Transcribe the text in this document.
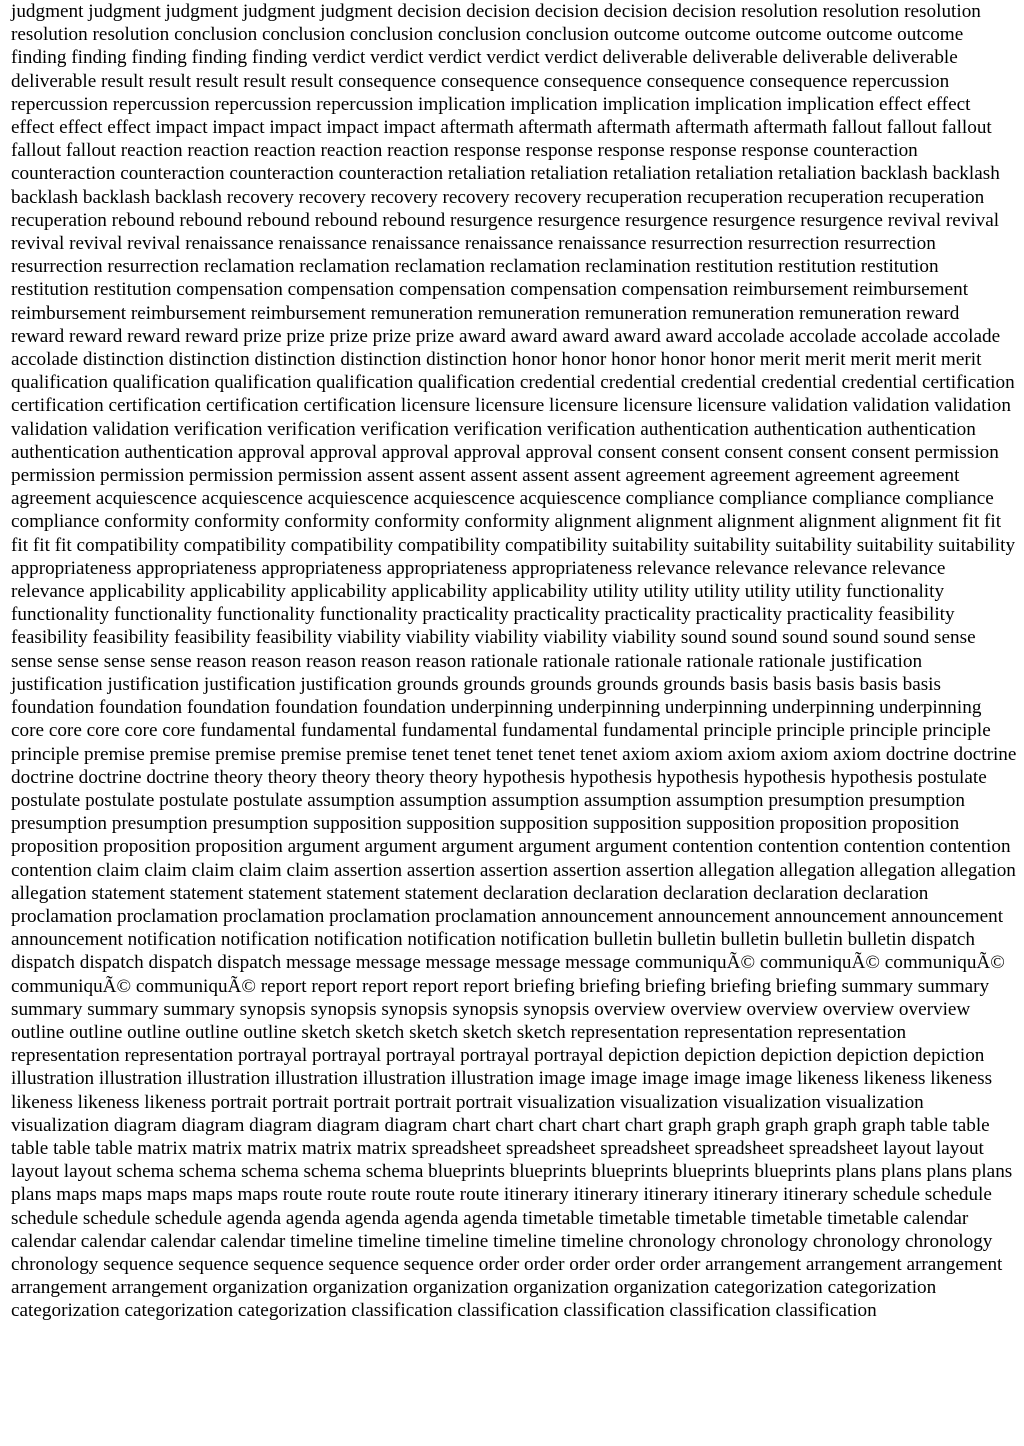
judgment judgment judgment judgment judgment decision decision decision decision decision resolution resolution resolution resolution resolution conclusion conclusion conclusion conclusion conclusion outcome outcome outcome outcome outcome finding finding finding finding finding verdict verdict verdict verdict verdict deliverable deliverable deliverable deliverable deliverable result result result result result consequence consequence consequence consequence consequence repercussion repercussion repercussion repercussion repercussion implication implication implication implication implication effect effect effect effect effect impact impact impact impact impact aftermath aftermath aftermath aftermath aftermath fallout fallout fallout fallout fallout reaction reaction reaction reaction reaction response response response response response counteraction counteraction counteraction counteraction counteraction retaliation retaliation retaliation retaliation retaliation backlash backlash backlash backlash backlash recovery recovery recovery recovery recovery recuperation recuperation recuperation recuperation recuperation rebound rebound rebound rebound rebound resurgence resurgence resurgence resurgence resurgence revival revival revival revival revival renaissance renaissance renaissance renaissance renaissance resurrection resurrection resurrection resurrection resurrection reclamation reclamation reclamation reclamation reclamination restitution restitution restitution restitution restitution compensation compensation compensation compensation compensation reimbursement reimbursement reimbursement reimbursement reimbursement remuneration remuneration remuneration remuneration remuneration reward reward reward reward reward prize prize prize prize prize award award award award award accolade accolade accolade accolade accolade distinction distinction distinction distinction distinction honor honor honor honor honor merit merit merit merit merit qualification qualification qualification qualification qualification credential credential credential credential credential certification certification certification certification certification licensure licensure licensure licensure licensure validation validation validation validation validation verification verification verification verification verification authentication authentication authentication authentication authentication approval approval approval approval approval consent consent consent consent consent permission permission permission permission permission assent assent assent assent assent agreement agreement agreement agreement agreement acquiescence acquiescence acquiescence acquiescence acquiescence compliance compliance compliance compliance compliance conformity conformity conformity conformity conformity alignment alignment alignment alignment alignment fit fit fit fit fit compatibility compatibility compatibility compatibility compatibility suitability suitability suitability suitability suitability appropriateness appropriateness appropriateness appropriateness appropriateness relevance relevance relevance relevance relevance applicability applicability applicability applicability applicability utility utility utility utility utility functionality functionality functionality functionality functionality practicality practicality practicality practicality practicality feasibility feasibility feasibility feasibility feasibility viability viability viability viability viability sound sound sound sound sound sense sense sense sense sense reason reason reason reason reason rationale rationale rationale rationale rationale justification justification justification justification justification grounds grounds grounds grounds grounds basis basis basis basis basis foundation foundation foundation foundation foundation underpinning underpinning underpinning underpinning underpinning core core core core core fundamental fundamental fundamental fundamental fundamental principle principle principle principle principle premise premise premise premise premise tenet tenet tenet tenet tenet axiom axiom axiom axiom axiom doctrine doctrine doctrine doctrine doctrine theory theory theory theory theory hypothesis hypothesis hypothesis hypothesis hypothesis postulate postulate postulate postulate postulate assumption assumption assumption assumption assumption presumption presumption presumption presumption presumption supposition supposition supposition supposition supposition proposition proposition proposition proposition proposition argument argument argument argument argument contention contention contention contention contention claim claim claim claim claim assertion assertion assertion assertion assertion allegation allegation allegation allegation allegation statement statement statement statement statement declaration declaration declaration declaration declaration proclamation proclamation proclamation proclamation proclamation announcement announcement announcement announcement announcement notification notification notification notification notification bulletin bulletin bulletin bulletin bulletin dispatch dispatch dispatch dispatch dispatch message message message message message communiquÃ© communiquÃ© communiquÃ© communiquÃ© communiquÃ© report report report report report briefing briefing briefing briefing briefing summary summary summary summary summary synopsis synopsis synopsis synopsis synopsis overview overview overview overview overview outline outline outline outline outline sketch sketch sketch sketch sketch representation representation representation representation representation portrayal portrayal portrayal portrayal portrayal depiction depiction depiction depiction depiction illustration illustration illustration illustration illustration illustration image image image image image likeness likeness likeness likeness likeness likeness portrait portrait portrait portrait portrait visualization visualization visualization visualization visualization diagram diagram diagram diagram diagram chart chart chart chart chart graph graph graph graph graph table table table table table matrix matrix matrix matrix matrix spreadsheet spreadsheet spreadsheet spreadsheet spreadsheet layout layout layout layout schema schema schema schema schema blueprints blueprints blueprints blueprints blueprints plans plans plans plans plans maps maps maps maps maps route route route route route itinerary itinerary itinerary itinerary itinerary schedule schedule schedule schedule schedule agenda agenda agenda agenda agenda timetable timetable timetable timetable timetable calendar calendar calendar calendar calendar timeline timeline timeline timeline timeline chronology chronology chronology chronology chronology sequence sequence sequence sequence sequence order order order order order arrangement arrangement arrangement arrangement arrangement organization organization organization organization organization categorization categorization categorization categorization categorization classification classification classification classification classification
